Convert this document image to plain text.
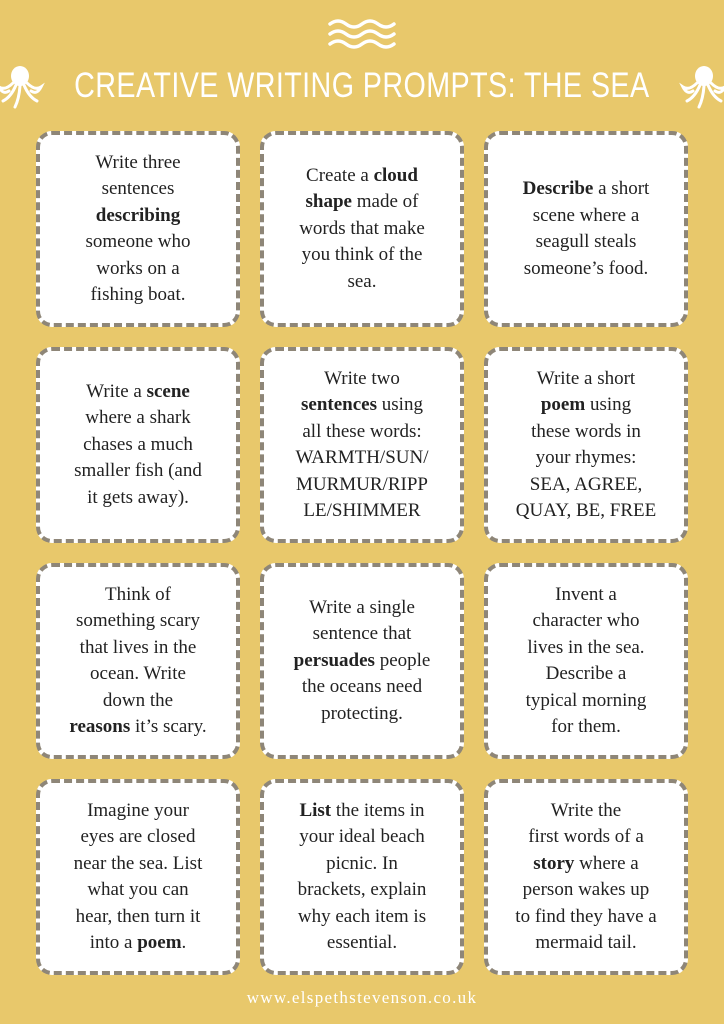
CREATIVE WRITING PROMPTS: THE SEA
Write three
sentences
describing
someone who
works on a
fishing boat.
Create a cloud
shape made of
words that make
you think of the
sea.
Describe a short
scene where a
seagull steals
someone’s food.
Write a scene
where a shark
chases a much
smaller fish (and
it gets away).
Write two
sentences using
all these words:
WARMTH/SUN/
MURMUR/RIPP
LE/SHIMMER
Write a short
poem using
these words in
your rhymes:
SEA, AGREE,
QUAY, BE, FREE
Think of
something scary
that lives in the
ocean. Write
down the
reasons it’s scary.
Write a single
sentence that
persuades people
the oceans need
protecting.
Invent a
character who
lives in the sea.
Describe a
typical morning
for them.
Imagine your
eyes are closed
near the sea. List
what you can
hear, then turn it
into a poem.
List the items in
your ideal beach
picnic. In
brackets, explain
why each item is
essential.
Write the
first words of a
story where a
person wakes up
to find they have a
mermaid tail.
www.elspethstevenson.co.uk
